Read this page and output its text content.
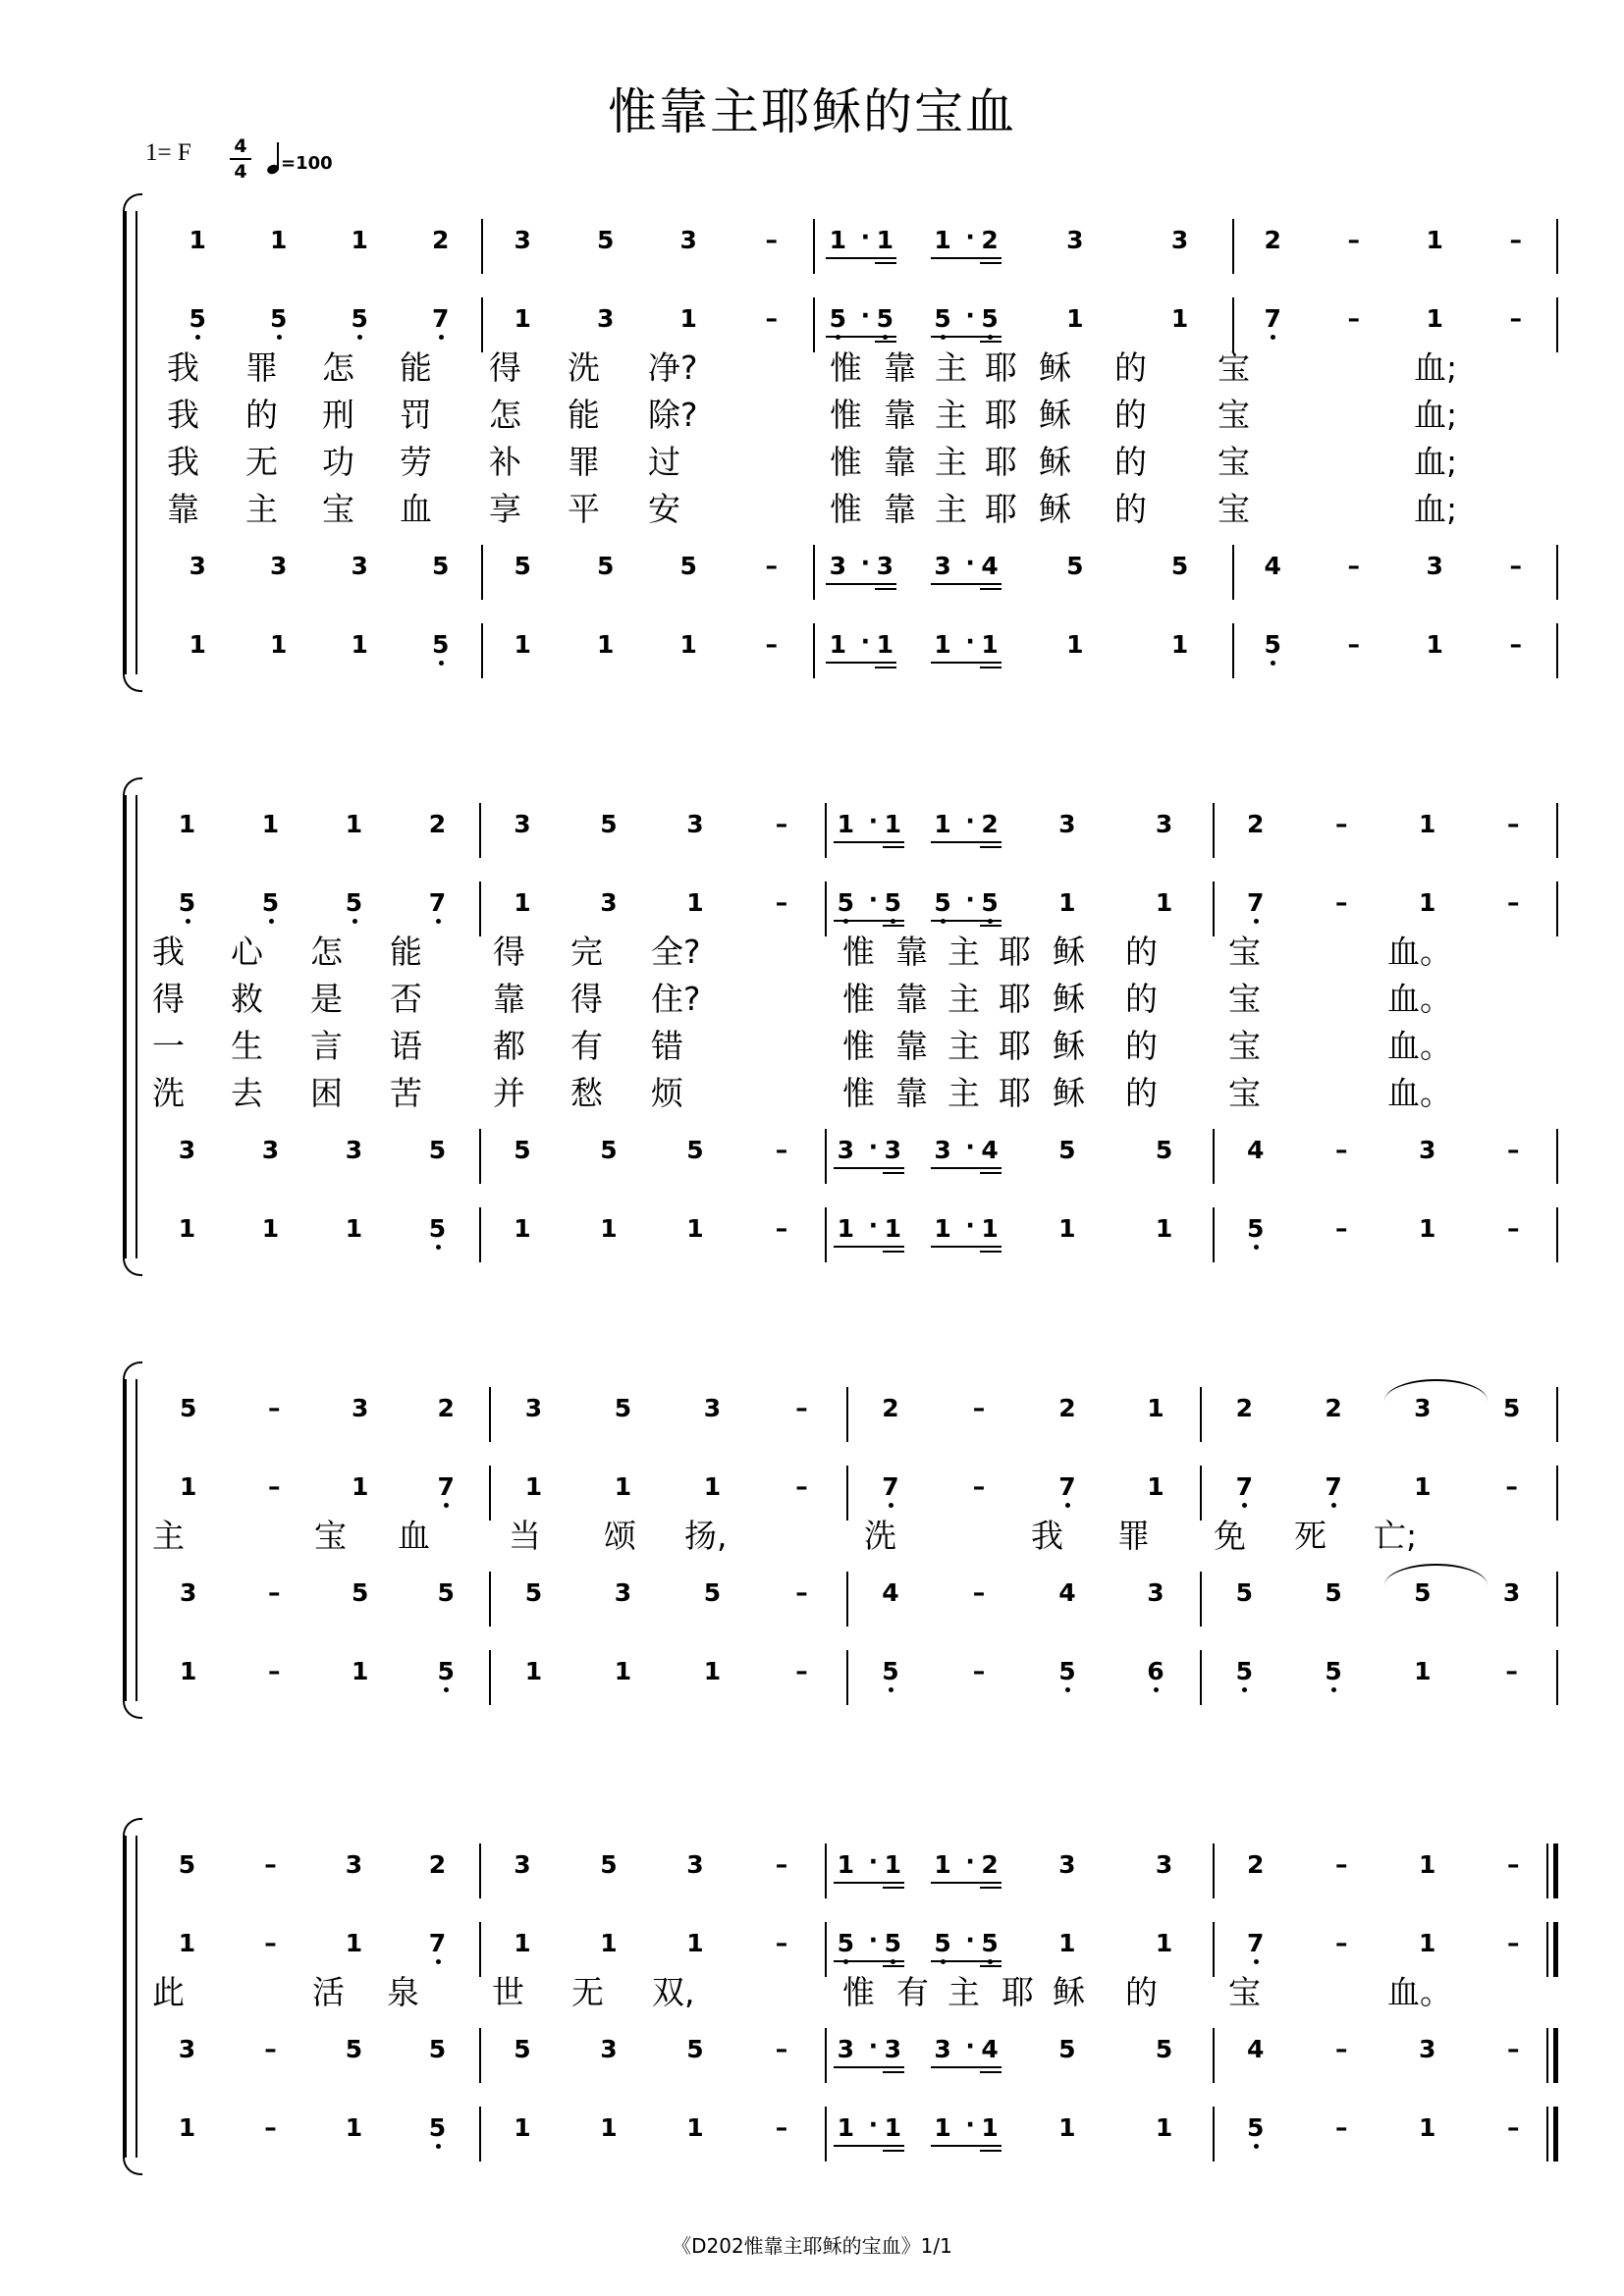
惟靠主耶稣的宝血
1= F 4
4	=100
1	1	1	2	3	5	3	–	1 1
·	1 2
·	3	3	2	–	1	–
5	5	5	7	1	3	1	–	5 5
·	5 5
·	1	1	7	–	1	–
我 罪 怎 能 得 洗 净?	惟 靠 主 耶 稣 的 宝	血;
我 的 刑 罚 怎 能 除?	惟 靠 主 耶 稣 的 宝	血;
我 无 功 劳 补 罪 过	惟 靠 主 耶 稣 的 宝	血;
靠 主 宝 血 享 平 安	惟 靠 主 耶 稣 的 宝	血;
3	3	3	5	5	5	5	–	3 3
·	3 4
·	5	5	4	–	3	–
1	1	1	5	1	1	1	–	1 1
·	1 1
·	1	1	5	–	1	–
1	1	1	2	3	5	3	–	1 1
·	1 2
·	3	3	2	–	1	–
5	5	5	7	1	3	1	–	5 5
·	5 5
·	1	1	7	–	1	–
我 心 怎 能 得 完 全?	惟 靠 主 耶 稣 的 宝	血。
得 救 是 否 靠 得 住?	惟 靠 主 耶 稣 的 宝	血。
一 生 言 语 都 有 错	惟 靠 主 耶 稣 的 宝	血。
洗 去 困 苦 并 愁 烦	惟 靠 主 耶 稣 的 宝	血。
3	3	3	5	5	5	5	–	3 3
·	3 4
·	5	5	4	–	3	–
1	1	1	5	1	1	1	–	1 1
·	1 1
·	1	1	5	–	1	–
5	–	3	2	3	5	3	–	2	–	2	1	2	2	3	5
1	–	1	7	1	1	1	–	7	–	7	1	7	7	1	–
主	宝 血 当 颂 扬,	洗	我 罪 免 死 亡;
3	–	5	5	5	3	5	–	4	–	4	3	5	5	5	3
1	–	1	5	1	1	1	–	5	–	5	6	5	5	1	–
5	–	3	2	3	5	3	–	1 1
·	1 2
·	3	3	2	–	1	–
1	–	1	7	1	1	1	–	5 5
·	5 5
·	1	1	7	–	1	–
此	活 泉 世 无 双,	惟 有 主 耶 稣 的 宝	血。
3	–	5	5	5	3	5	–	3 3
·	3 4
·	5	5	4	–	3	–
1	–	1	5	1	1	1	–	1 1
·	1 1
·	1	1	5	–	1	–
《D202惟靠主耶稣的宝血》1/1
